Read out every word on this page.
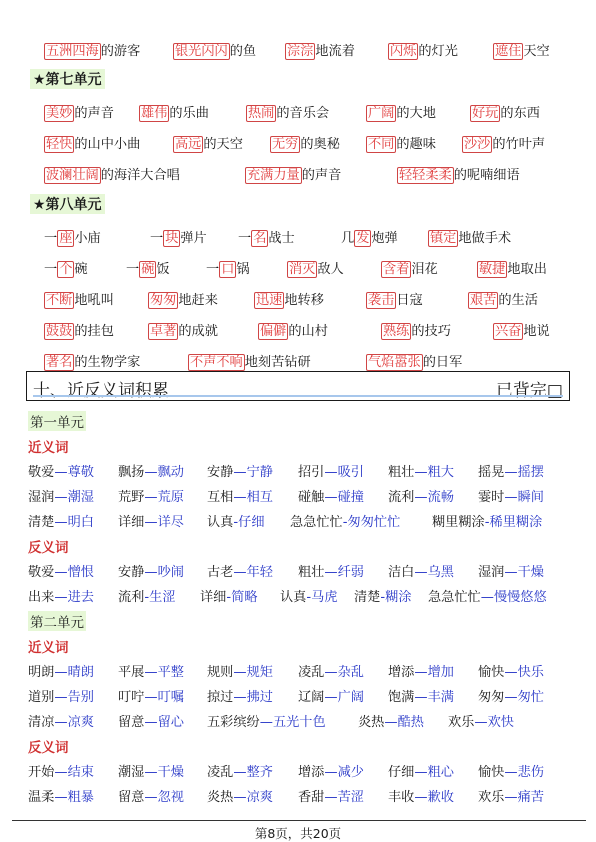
五洲四海 的游客	银光闪闪 的鱼 淙淙 地流着	闪烁 的灯光	遮住 天空
★第七单元
美妙 的声音 雄伟 的乐曲	热闹 的音乐会	广阔 的大地	好玩 的东西
轻快 的山中小曲	高远 的天空 无穷 的奥秘 不同 的趣味 沙沙 的竹叶声
波澜壮阔 的海洋大合唱	充满力量 的声音	轻轻柔柔 的呢喃细语
★第八单元
一 座 小庙	一 块 弹片 一 名 战士	几 发 炮弹 镇定 地做手术
一 个 碗	一 碗 饭	一 口 锅	消灭 敌人	含着 泪花	敏捷 地取出
不断 地吼叫	匆匆 地赶来	迅速 地转移	袭击 日寇	艰苦 的生活
鼓鼓 的挂包	卓著 的成就	偏僻 的山村	熟练 的技巧	兴奋 地说
著名 的生物学家	不声不响 地刻苦钻研	气焰嚣张 的日军
十、近反义词积累	已背完□
第一单元
近义词
敬爱—尊敬 飘扬—飘动 安静—宁静 招引—吸引 粗壮—粗大 摇晃—摇摆
湿润—潮湿 荒野—荒原 互相—相互 碰触—碰撞 流利—流畅 霎时—瞬间
清楚—明白 详细—详尽 认真-仔细 急急忙忙-匆匆忙忙 糊里糊涂-稀里糊涂
反义词
敬爱—憎恨 安静—吵闹 古老—年轻 粗壮—纤弱 洁白—乌黑 湿润—干燥
出来—进去 流利-生涩 详细-简略 认真-马虎 清楚-糊涂 急急忙忙—慢慢悠悠
第二单元
近义词
明朗—晴朗 平展—平整 规则—规矩 凌乱—杂乱 增添—增加 愉快—快乐
道别—告别 叮咛—叮嘱 掠过—拂过 辽阔—广阔 饱满—丰满 匆匆—匆忙
清凉—凉爽 留意—留心 五彩缤纷—五光十色 炎热—酷热 欢乐—欢快
反义词
开始—结束 潮湿—干燥 凌乱—整齐 增添—减少 仔细—粗心 愉快—悲伤
温柔—粗暴 留意—忽视 炎热—凉爽 香甜—苦涩 丰收—歉收 欢乐—痛苦
第8页，共20页
